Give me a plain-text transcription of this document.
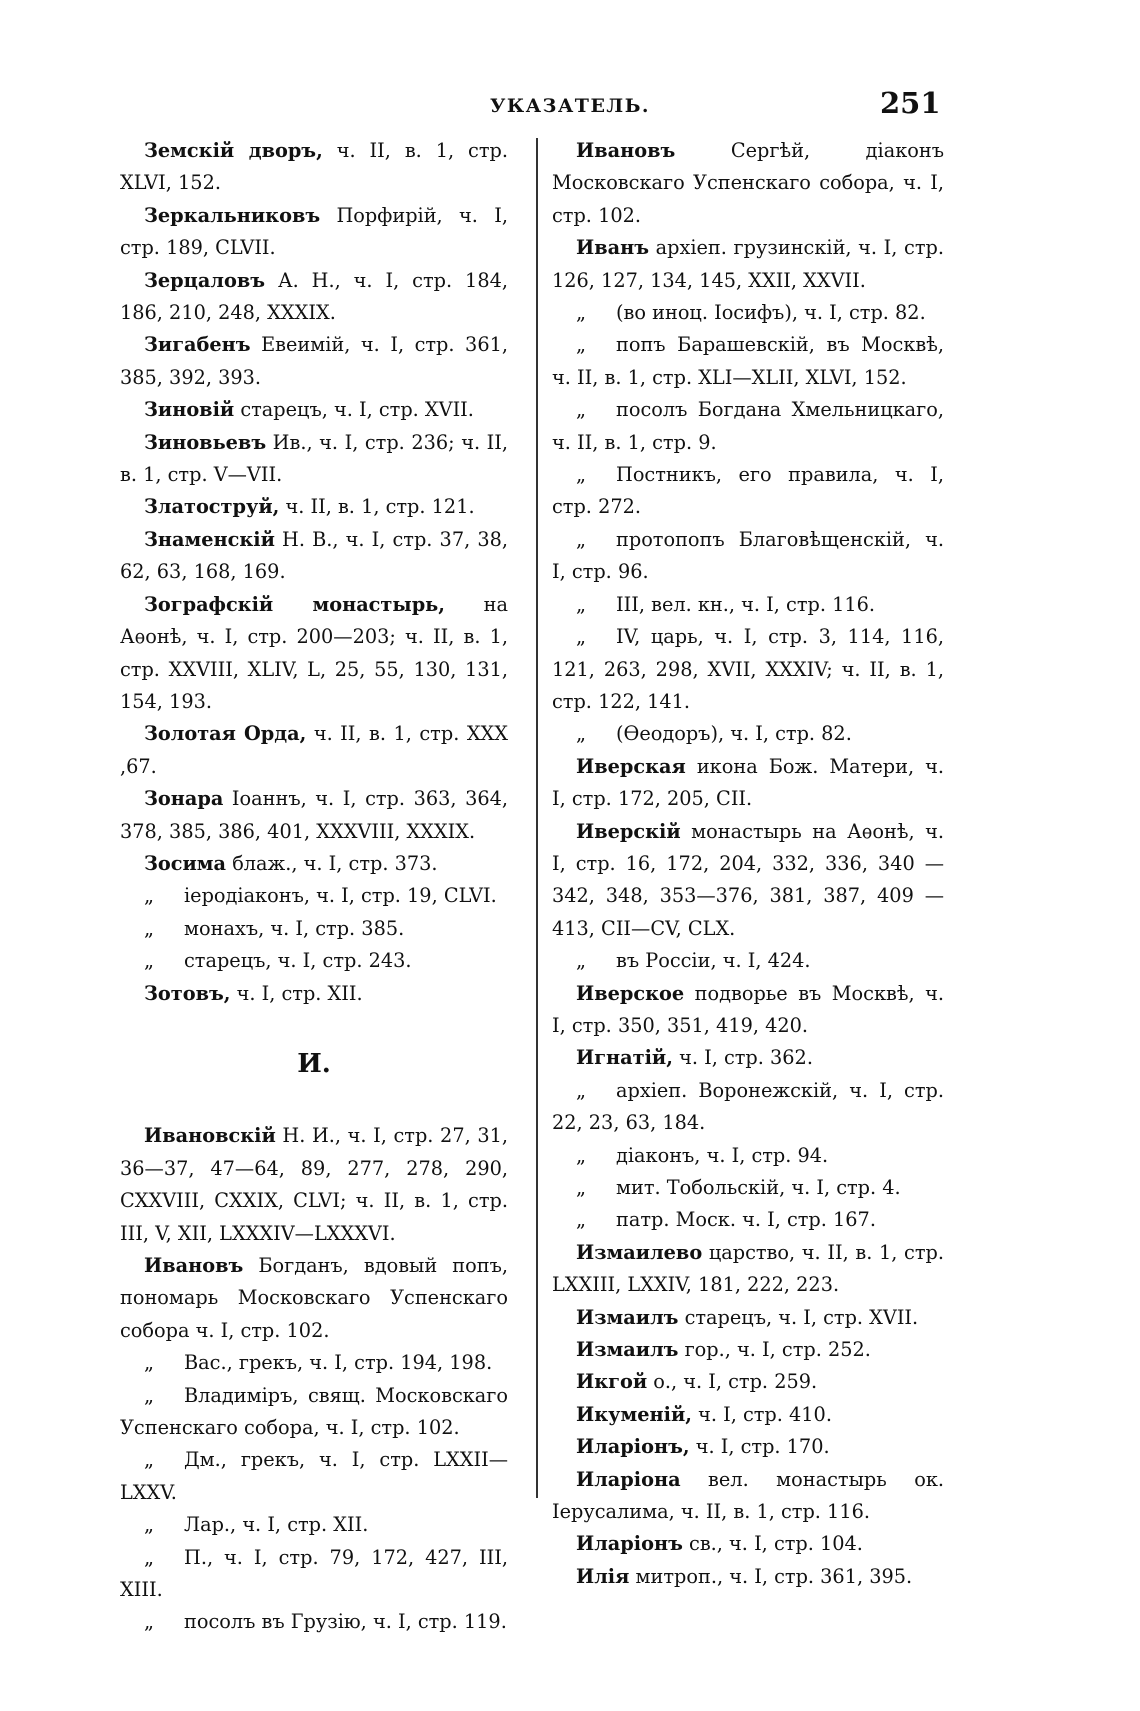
УКАЗАТЕЛЬ.	251

Земскій дворъ, ч. II, в. 1, стр. XLVI, 152.

Зеркальниковъ Порфирій, ч. I, стр. 189, CLVII.

Зерцаловъ А. Н., ч. I, стр. 184, 186, 210, 248, XXXIX.

Зигабенъ Евеимій, ч. I, стр. 361, 385, 392, 393.

Зиновій старецъ, ч. I, стр. XVII.

Зиновьевъ Ив., ч. I, стр. 236; ч. II, в. 1, стр. V—VII.

Златоструй, ч. II, в. 1, стр. 121.

Знаменскій Н. В., ч. I, стр. 37, 38, 62, 63, 168, 169.

Зографскій монастырь, на Аѳонѣ, ч. I, стр. 200—203; ч. II, в. 1, стр. XXVIII, XLIV, L, 25, 55, 130, 131, 154, 193.

Золотая Орда, ч. II, в. 1, стр. XXX ,67.

Зонара Іоаннъ, ч. I, стр. 363, 364, 378, 385, 386, 401, XXXVIII, XXXIX.

Зосима блаж., ч. I, стр. 373.

„ іеродіаконъ, ч. I, стр. 19, CLVI.

„ монахъ, ч. I, стр. 385.

„ старецъ, ч. I, стр. 243.

Зотовъ, ч. I, стр. XII.

И.

Ивановскій Н. И., ч. I, стр. 27, 31, 36—37, 47—64, 89, 277, 278, 290, CXXVIII, CXXIX, CLVI; ч. II, в. 1, стр. III, V, XII, LXXXIV—LXXXVI.

Ивановъ Богданъ, вдовый попъ, пономарь Московскаго Успенскаго собора ч. I, стр. 102.

„ Вас., грекъ, ч. I, стр. 194, 198.

„ Владиміръ, свящ. Московскаго Успенскаго собора, ч. I, стр. 102.

„ Дм., грекъ, ч. I, стр. LXXII—LXXV.

„ Лар., ч. I, стр. XII.

„ П., ч. I, стр. 79, 172, 427, III, XIII.

„ посолъ въ Грузію, ч. I, стр. 119.

Ивановъ Сергѣй, діаконъ Московскаго Успенскаго собора, ч. I, стр. 102.

Иванъ архіеп. грузинскій, ч. I, стр. 126, 127, 134, 145, XXII, XXVII.

„ (во иноц. Іосифъ), ч. I, стр. 82.

„ попъ Барашевскій, въ Москвѣ, ч. II, в. 1, стр. XLI—XLII, XLVI, 152.

„ посолъ Богдана Хмельницкаго, ч. II, в. 1, стр. 9.

„ Постникъ, его правила, ч. I, стр. 272.

„ протопопъ Благовѣщенскій, ч. I, стр. 96.

„ III, вел. кн., ч. I, стр. 116.

„ IV, царь, ч. I, стр. 3, 114, 116, 121, 263, 298, XVII, XXXIV; ч. II, в. 1, стр. 122, 141.

„ (Ѳеодоръ), ч. I, стр. 82.

Иверская икона Бож. Матери, ч. I, стр. 172, 205, CII.

Иверскій монастырь на Аѳонѣ, ч. I, стр. 16, 172, 204, 332, 336, 340 — 342, 348, 353—376, 381, 387, 409 — 413, CII—CV, CLX.

„ въ Россіи, ч. I, 424.

Иверское подворье въ Москвѣ, ч. I, стр. 350, 351, 419, 420.

Игнатій, ч. I, стр. 362.

„ архіеп. Воронежскій, ч. I, стр. 22, 23, 63, 184.

„ діаконъ, ч. I, стр. 94.

„ мит. Тобольскій, ч. I, стр. 4.

„ патр. Моск. ч. I, стр. 167.

Измаилево царство, ч. II, в. 1, стр. LXXIII, LXXIV, 181, 222, 223.

Измаилъ старецъ, ч. I, стр. XVII.

Измаилъ гор., ч. I, стр. 252.

Икгой о., ч. I, стр. 259.

Икуменій, ч. I, стр. 410.

Иларіонъ, ч. I, стр. 170.

Иларіона вел. монастырь ок. Іерусалима, ч. II, в. 1, стр. 116.

Иларіонъ св., ч. I, стр. 104.

Илія митроп., ч. I, стр. 361, 395.
